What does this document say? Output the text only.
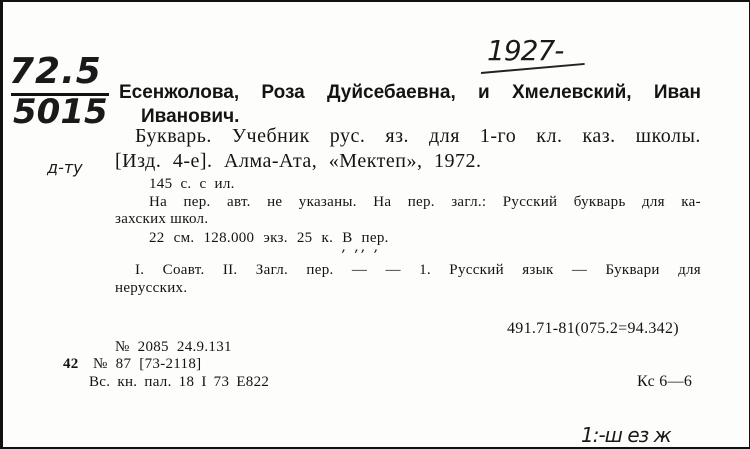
72.5
5015
д-ту
1927-
ʼ ʼʼ ʼ
Есенжолова, Роза Дуйсебаевна, и Хмелевский, Иван
Иванович.
Букварь. Учебник рус. яз. для 1-го кл. каз. школы.
[Изд. 4-е]. Алма-Ата, «Мектеп», 1972.
145 с. с ил.
На пер. авт. не указаны. На пер. загл.: Русский букварь для ка-
захских школ.
22 см. 128.000 экз. 25 к. В пер.
I. Соавт. II. Загл. пер. — — 1. Русский язык — Буквари для
нерусских.
491.71-81(075.2=94.342)
№ 2085 24.9.131
42 № 87 [73-2118]
Вс. кн. пал. 18 I 73 Е822	Кс 6—6
1:-ш ез ж
